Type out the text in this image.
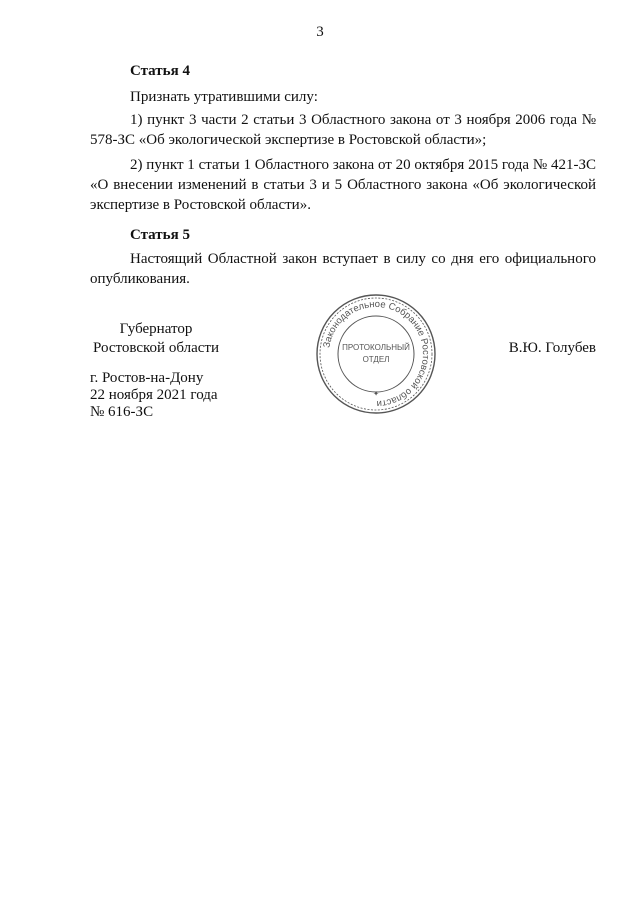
3
Статья 4
Признать утратившими силу:
1) пункт 3 части 2 статьи 3 Областного закона от 3 ноября 2006 года № 578-ЗС «Об экологической экспертизе в Ростовской области»;
2) пункт 1 статьи 1 Областного закона от 20 октября 2015 года № 421-ЗС «О внесении изменений в статьи 3 и 5 Областного закона «Об экологической экспертизе в Ростовской области».
Статья 5
Настоящий Областной закон вступает в силу со дня его официального опубликования.
Губернатор
Ростовской области	Законодательное Собрание Ростовской области
ПРОТОКОЛЬНЫЙ
ОТДЕЛ
✦
В.Ю. Голубев
г. Ростов-на-Дону
22 ноября 2021 года
№ 616-ЗС
